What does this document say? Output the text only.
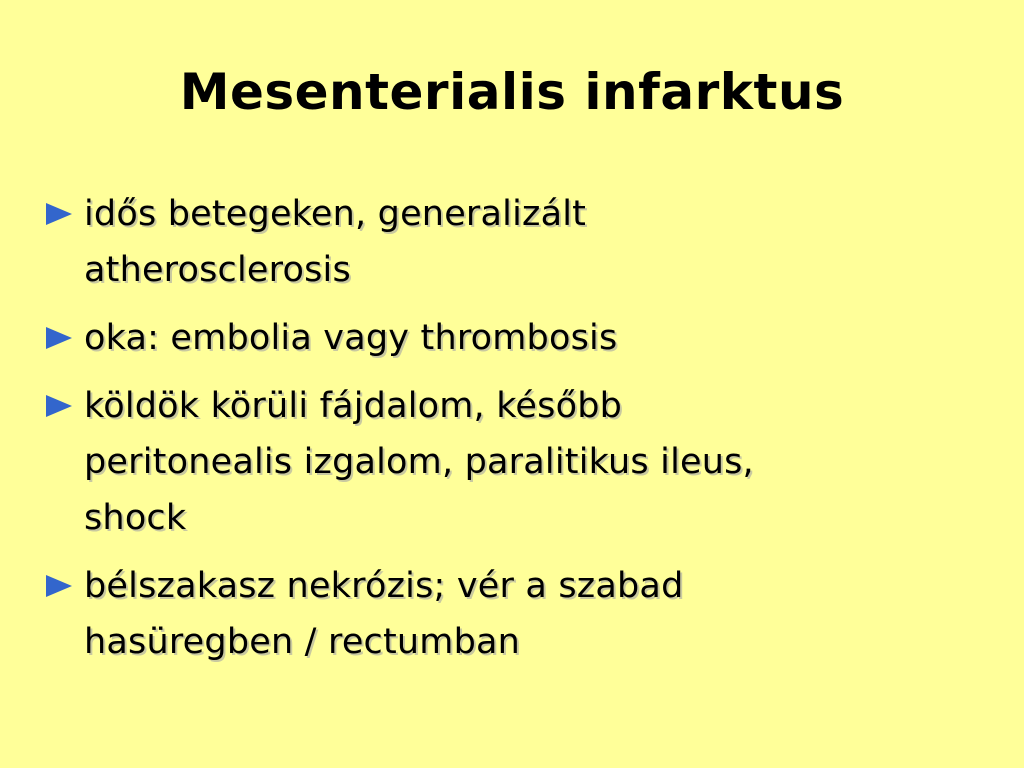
Mesenterialis infarktus
idős betegeken, generalizált
atherosclerosis
oka: embolia vagy thrombosis
köldök körüli fájdalom, később
peritonealis izgalom, paralitikus ileus,
shock
bélszakasz nekrózis; vér a szabad
hasüregben / rectumban
